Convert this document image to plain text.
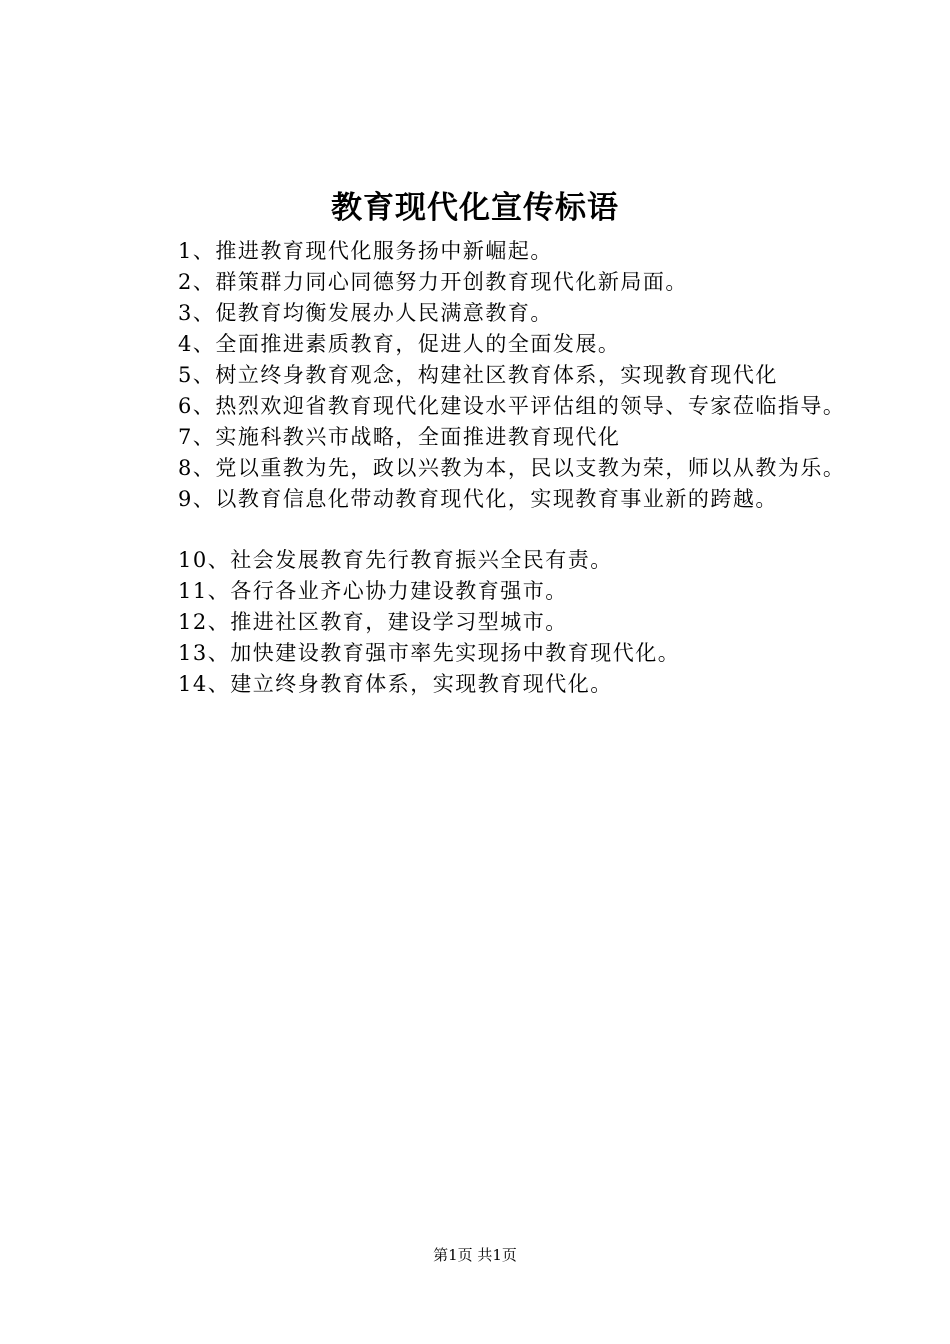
教育现代化宣传标语
1、推进教育现代化服务扬中新崛起。
2、群策群力同心同德努力开创教育现代化新局面。
3、促教育均衡发展办人民满意教育。
4、全面推进素质教育，促进人的全面发展。
5、树立终身教育观念，构建社区教育体系，实现教育现代化
6、热烈欢迎省教育现代化建设水平评估组的领导、专家莅临指导。
7、实施科教兴市战略，全面推进教育现代化
8、党以重教为先，政以兴教为本，民以支教为荣，师以从教为乐。
9、以教育信息化带动教育现代化，实现教育事业新的跨越。
10、社会发展教育先行教育振兴全民有责。
11、各行各业齐心协力建设教育强市。
12、推进社区教育，建设学习型城市。
13、加快建设教育强市率先实现扬中教育现代化。
14、建立终身教育体系，实现教育现代化。
第1页 共1页
